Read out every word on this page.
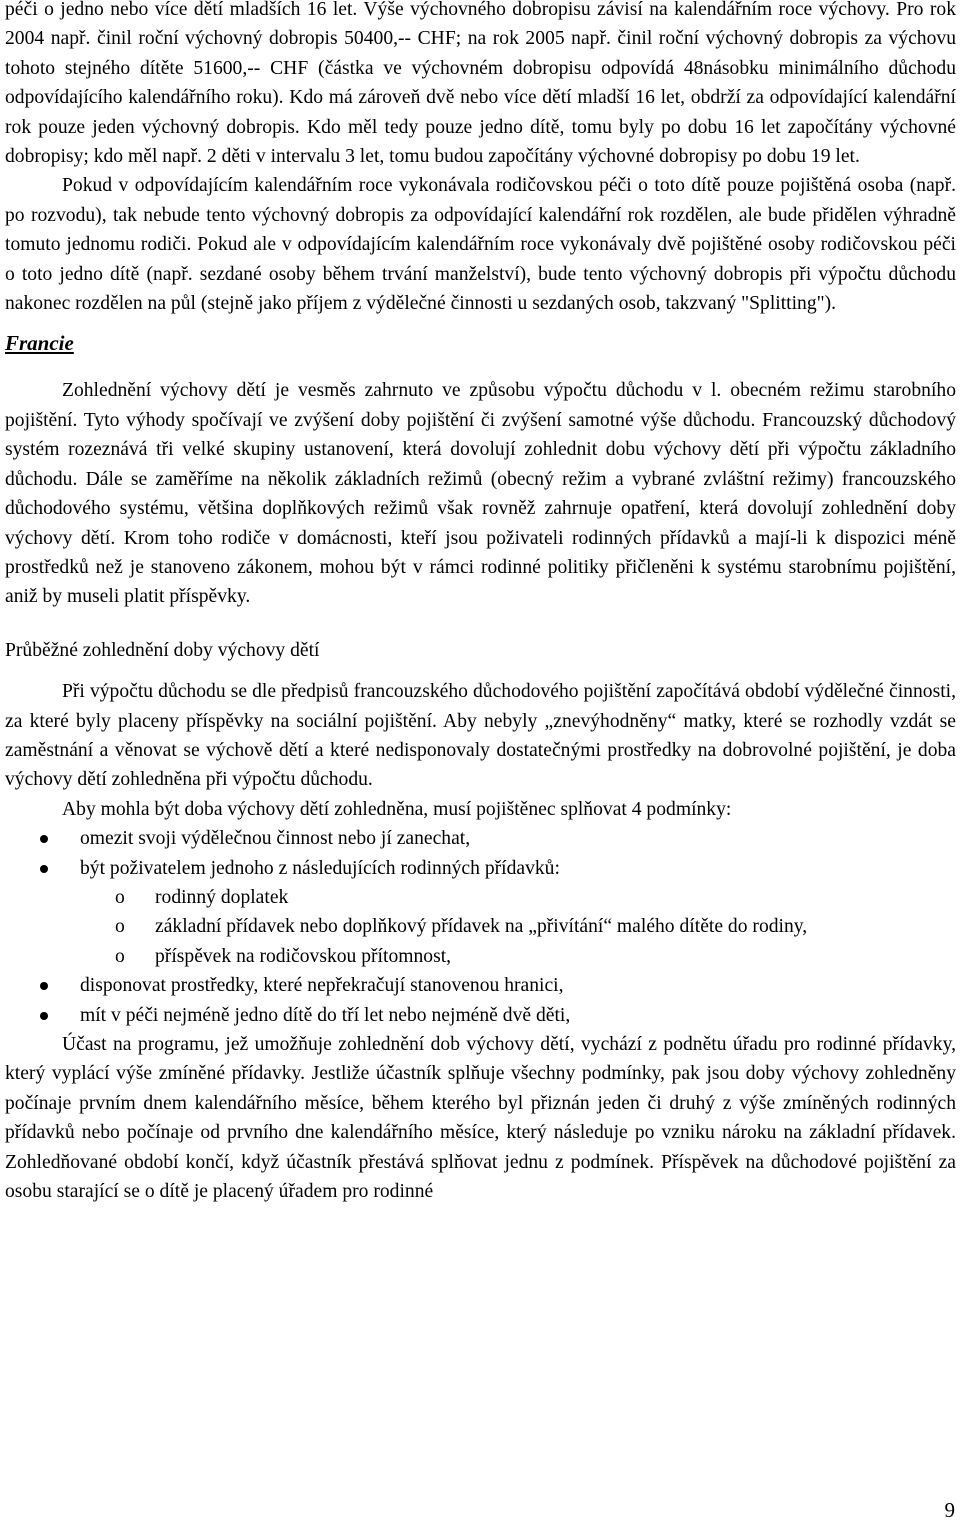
péči o jedno nebo více dětí mladších 16 let. Výše výchovného dobropisu závisí na kalendářním roce výchovy. Pro rok 2004 např. činil roční výchovný dobropis 50400,-- CHF; na rok 2005 např. činil roční výchovný dobropis za výchovu tohoto stejného dítěte 51600,-- CHF (částka ve výchovném dobropisu odpovídá 48násobku minimálního důchodu odpovídajícího kalendářního roku). Kdo má zároveň dvě nebo více dětí mladší 16 let, obdrží za odpovídající kalendářní rok pouze jeden výchovný dobropis. Kdo měl tedy pouze jedno dítě, tomu byly po dobu 16 let započítány výchovné dobropisy; kdo měl např. 2 děti v intervalu 3 let, tomu budou započítány výchovné dobropisy po dobu 19 let.

Pokud v odpovídajícím kalendářním roce vykonávala rodičovskou péči o toto dítě pouze pojištěná osoba (např. po rozvodu), tak nebude tento výchovný dobropis za odpovídající kalendářní rok rozdělen, ale bude přidělen výhradně tomuto jednomu rodiči. Pokud ale v odpovídajícím kalendářním roce vykonávaly dvě pojištěné osoby rodičovskou péči o toto jedno dítě (např. sezdané osoby během trvání manželství), bude tento výchovný dobropis při výpočtu důchodu nakonec rozdělen na půl (stejně jako příjem z výdělečné činnosti u sezdaných osob, takzvaný "Splitting").

Francie

Zohlednění výchovy dětí je vesměs zahrnuto ve způsobu výpočtu důchodu v l. obecném režimu starobního pojištění. Tyto výhody spočívají ve zvýšení doby pojištění či zvýšení samotné výše důchodu. Francouzský důchodový systém rozeznává tři velké skupiny ustanovení, která dovolují zohlednit dobu výchovy dětí při výpočtu základního důchodu. Dále se zaměříme na několik základních režimů (obecný režim a vybrané zvláštní režimy) francouzského důchodového systému, většina doplňkových režimů však rovněž zahrnuje opatření, která dovolují zohlednění doby výchovy dětí. Krom toho rodiče v domácnosti, kteří jsou poživateli rodinných přídavků a mají-li k dispozici méně prostředků než je stanoveno zákonem, mohou být v rámci rodinné politiky přičleněni k systému starobnímu pojištění, aniž by museli platit příspěvky.

Průběžné zohlednění doby výchovy dětí

Při výpočtu důchodu se dle předpisů francouzského důchodového pojištění započítává období výdělečné činnosti, za které byly placeny příspěvky na sociální pojištění. Aby nebyly „znevýhodněny“ matky, které se rozhodly vzdát se zaměstnání a věnovat se výchově dětí a které nedisponovaly dostatečnými prostředky na dobrovolné pojištění, je doba výchovy dětí zohledněna při výpočtu důchodu.

Aby mohla být doba výchovy dětí zohledněna, musí pojištěnec splňovat 4 podmínky:

omezit svoji výdělečnou činnost nebo jí zanechat,
být poživatelem jednoho z následujících rodinných přídavků:
o rodinný doplatek
o základní přídavek nebo doplňkový přídavek na „přivítání“ malého dítěte do rodiny,
o příspěvek na rodičovskou přítomnost,
disponovat prostředky, které nepřekračují stanovenou hranici,
mít v péči nejméně jedno dítě do tří let nebo nejméně dvě děti,

Účast na programu, jež umožňuje zohlednění dob výchovy dětí, vychází z podnětu úřadu pro rodinné přídavky, který vyplácí výše zmíněné přídavky. Jestliže účastník splňuje všechny podmínky, pak jsou doby výchovy zohledněny počínaje prvním dnem kalendářního měsíce, během kterého byl přiznán jeden či druhý z výše zmíněných rodinných přídavků nebo počínaje od prvního dne kalendářního měsíce, který následuje po vzniku nároku na základní přídavek. Zohledňované období končí, když účastník přestává splňovat jednu z podmínek. Příspěvek na důchodové pojištění za osobu starající se o dítě je placený úřadem pro rodinné

9
